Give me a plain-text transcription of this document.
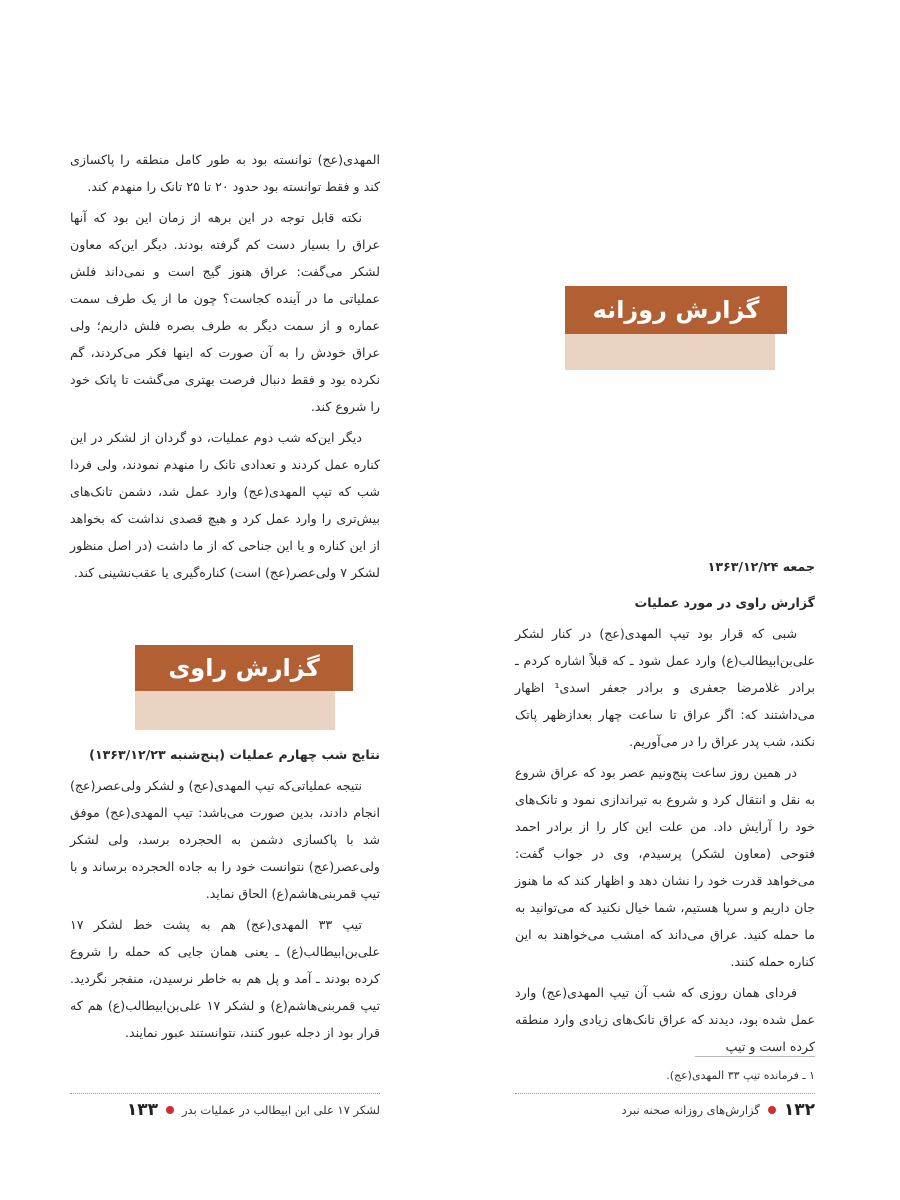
المهدی(عج) توانسته بود به طور کامل منطقه را پاکسازی کند و فقط توانسته بود حدود ۲۰ تا ۲۵ تانک را منهدم کند.

نکته قابل توجه در این برهه از زمان این بود که آنها عراق را بسیار دست کم گرفته بودند. دیگر این‌که معاون لشکر می‌گفت: عراق هنوز گیج است و نمی‌داند فلش عملیاتی ما در آینده کجاست؟ چون ما از یک طرف سمت عماره و از سمت دیگر به طرف بصره فلش داریم؛ ولی عراق خودش را به آن صورت که اینها فکر می‌کردند، گم نکرده بود و فقط دنبال فرصت بهتری می‌گشت تا پاتک خود را شروع کند.

دیگر این‌که شب دوم عملیات، دو گردان از لشکر در این کناره عمل کردند و تعدادی تانک را منهدم نمودند، ولی فردا شب که تیپ المهدی(عج) وارد عمل شد، دشمن تانک‌های بیش‌تری را وارد عمل کرد و هیچ قصدی نداشت که بخواهد از این کناره و یا این جناحی که از ما داشت (در اصل منظور لشکر ۷ ولی‌عصر(عج) است) کناره‌گیری یا عقب‌نشینی کند.

گزارش راوی
نتایج شب چهارم عملیات (پنج‌شنبه ۱۳۶۳/۱۲/۲۳)

نتیجه عملیاتی‌که تیپ المهدی(عج) و لشکر ولی‌عصر(عج) انجام دادند، بدین صورت می‌باشد: تیپ المهدی(عج) موفق شد با پاکسازی دشمن به الحجرده برسد، ولی لشکر ولی‌عصر(عج) نتوانست خود را به جاده الحجرده برساند و با تیپ قمربنی‌هاشم(ع) الحاق نماید.

تیپ ۳۳ المهدی(عج) هم به پشت خط لشکر ۱۷ علی‌بن‌ابیطالب(ع) ـ یعنی همان جایی که حمله را شروع کرده بودند ـ آمد و پل هم به خاطر نرسیدن، منفجر نگردید. تیپ قمربنی‌هاشم(ع) و لشکر ۱۷ علی‌بن‌ابیطالب(ع) هم که قرار بود از دجله عبور کنند، نتوانستند عبور نمایند.

لشکر ۱۷ علی ابن ابیطالب در عملیات بدر
۱۳۳
گزارش روزانه
جمعه ۱۳۶۳/۱۲/۲۴
گزارش راوی در مورد عملیات

شبی که قرار بود تیپ المهدی(عج) در کنار لشکر علی‌بن‌ابیطالب(ع) وارد عمل شود ـ که قبلاً اشاره کردم ـ برادر غلامرضا جعفری و برادر جعفر اسدی¹ اظهار می‌داشتند که: اگر عراق تا ساعت چهار بعدازظهر پاتک نکند، شب پدر عراق را در می‌آوریم.

در همین روز ساعت پنج‌ونیم عصر بود که عراق شروع به نقل و انتقال کرد و شروع به تیراندازی نمود و تانک‌های خود را آرایش داد. من علت این کار را از برادر احمد فتوحی (معاون لشکر) پرسیدم، وی در جواب گفت: می‌خواهد قدرت خود را نشان دهد و اظهار کند که ما هنوز جان داریم و سرپا هستیم، شما خیال نکنید که می‌توانید به ما حمله کنید. عراق می‌داند که امشب می‌خواهند به این کناره حمله کنند.

فردای همان روزی که شب آن تیپ المهدی(عج) وارد عمل شده بود، دیدند که عراق تانک‌های زیادی وارد منطقه کرده است و تیپ

۱ ـ فرمانده تیپ ۳۳ المهدی(عج).
۱۳۲
گزارش‌های روزانه صحنه نبرد
